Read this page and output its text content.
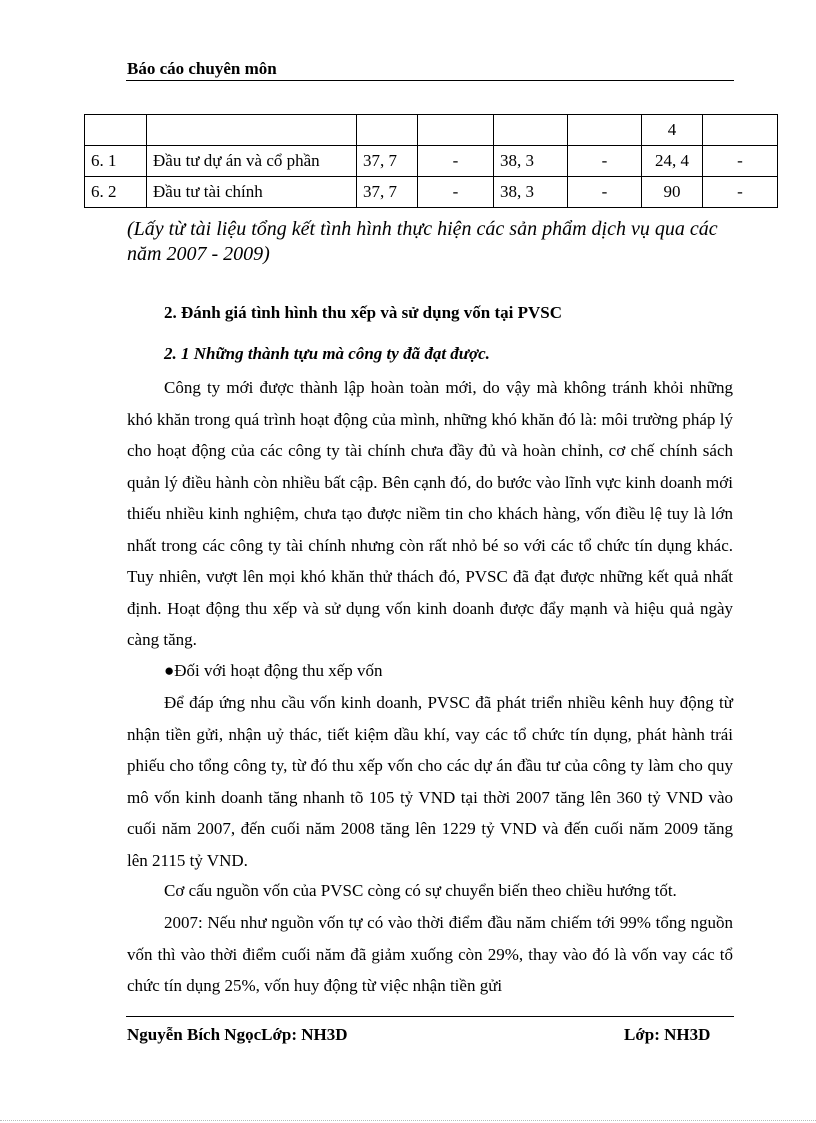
Báo cáo chuyên môn
						4	
6. 1	Đầu tư dự án và cổ phần	37, 7	-	38, 3	-	24, 4	-
6. 2	Đầu tư tài chính	37, 7	-	38, 3	-	90	-
(Lấy từ tài liệu tổng kết tình hình thực hiện các sản phẩm dịch vụ qua các năm 2007 - 2009)
2. Đánh giá tình hình thu xếp và sử dụng vốn tại PVSC
2. 1 Những thành tựu mà công ty đã đạt được.

Công ty mới được thành lập hoàn toàn mới, do vậy mà không tránh khỏi những khó khăn trong quá trình hoạt động của mình, những khó khăn đó là: môi trường pháp lý cho hoạt động của các công ty tài chính chưa đầy đủ và hoàn chỉnh, cơ chế chính sách quản lý điều hành còn nhiều bất cập. Bên cạnh đó, do bước vào lĩnh vực kinh doanh mới thiếu nhiều kinh nghiệm, chưa tạo được niềm tin cho khách hàng, vốn điều lệ tuy là lớn nhất trong các công ty tài chính nhưng còn rất nhỏ bé so với các tổ chức tín dụng khác. Tuy nhiên, vượt lên mọi khó khăn thử thách đó, PVSC đã đạt được những kết quả nhất định. Hoạt động thu xếp và sử dụng vốn kinh doanh được đẩy mạnh và hiệu quả ngày càng tăng.

●Đối với hoạt động thu xếp vốn

Để đáp ứng nhu cầu vốn kinh doanh, PVSC đã phát triển nhiều kênh huy động từ nhận tiền gửi, nhận uỷ thác, tiết kiệm dầu khí, vay các tổ chức tín dụng, phát hành trái phiếu cho tổng công ty, từ đó thu xếp vốn cho các dự án đầu tư của công ty làm cho quy mô vốn kinh doanh tăng nhanh tõ 105 tỷ VND tại thời 2007 tăng lên 360 tỷ VND vào cuối năm 2007, đến cuối năm 2008 tăng lên 1229 tỷ VND và đến cuối năm 2009 tăng lên 2115 tỷ VND.

Cơ cấu nguồn vốn của PVSC còng có sự chuyển biến theo chiều hướng tốt.

2007: Nếu như nguồn vốn tự có vào thời điểm đầu năm chiếm tới 99% tổng nguồn vốn thì vào thời điểm cuối năm đã giảm xuống còn 29%, thay vào đó là vốn vay các tổ chức tín dụng 25%, vốn huy động từ việc nhận tiền gửi

Nguyễn Bích NgọcLớp: NH3D	Lớp: NH3D
